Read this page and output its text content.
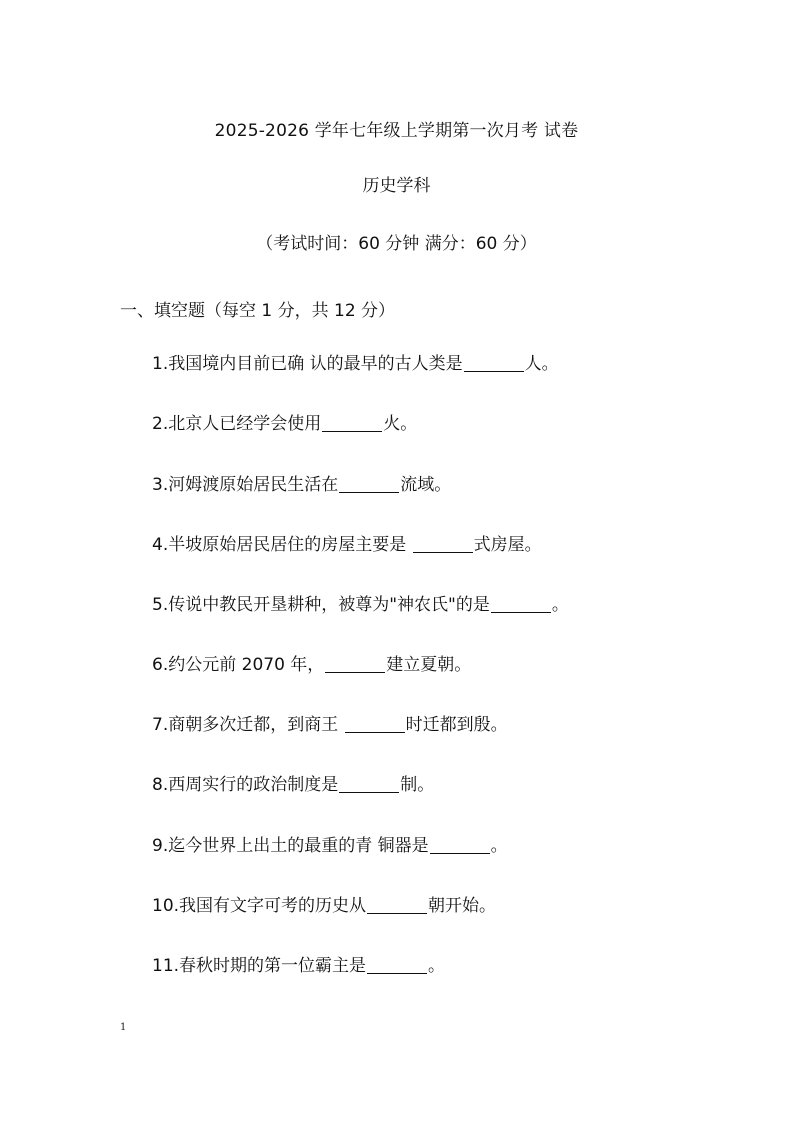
2025-2026 学年七年级上学期第一次月考 试卷
历史学科
（考试时间：60 分钟 满分：60 分）
一、填空题（每空 1 分，共 12 分）
1.我国境内目前已确 认的最早的古人类是	人。
2.北京人已经学会使用	火。
3.河姆渡原始居民生活在	流域。
4.半坡原始居民居住的房屋主要是	式房屋。
5.传说中教民开垦耕种，被尊为"神农氏"的是	。
6.约公元前 2070 年，	建立夏朝。
7.商朝多次迁都，到商王	时迁都到殷。
8.西周实行的政治制度是	制。
9.迄今世界上出土的最重的青 铜器是	。
10.我国有文字可考的历史从	朝开始。
11.春秋时期的第一位霸主是	。
1
